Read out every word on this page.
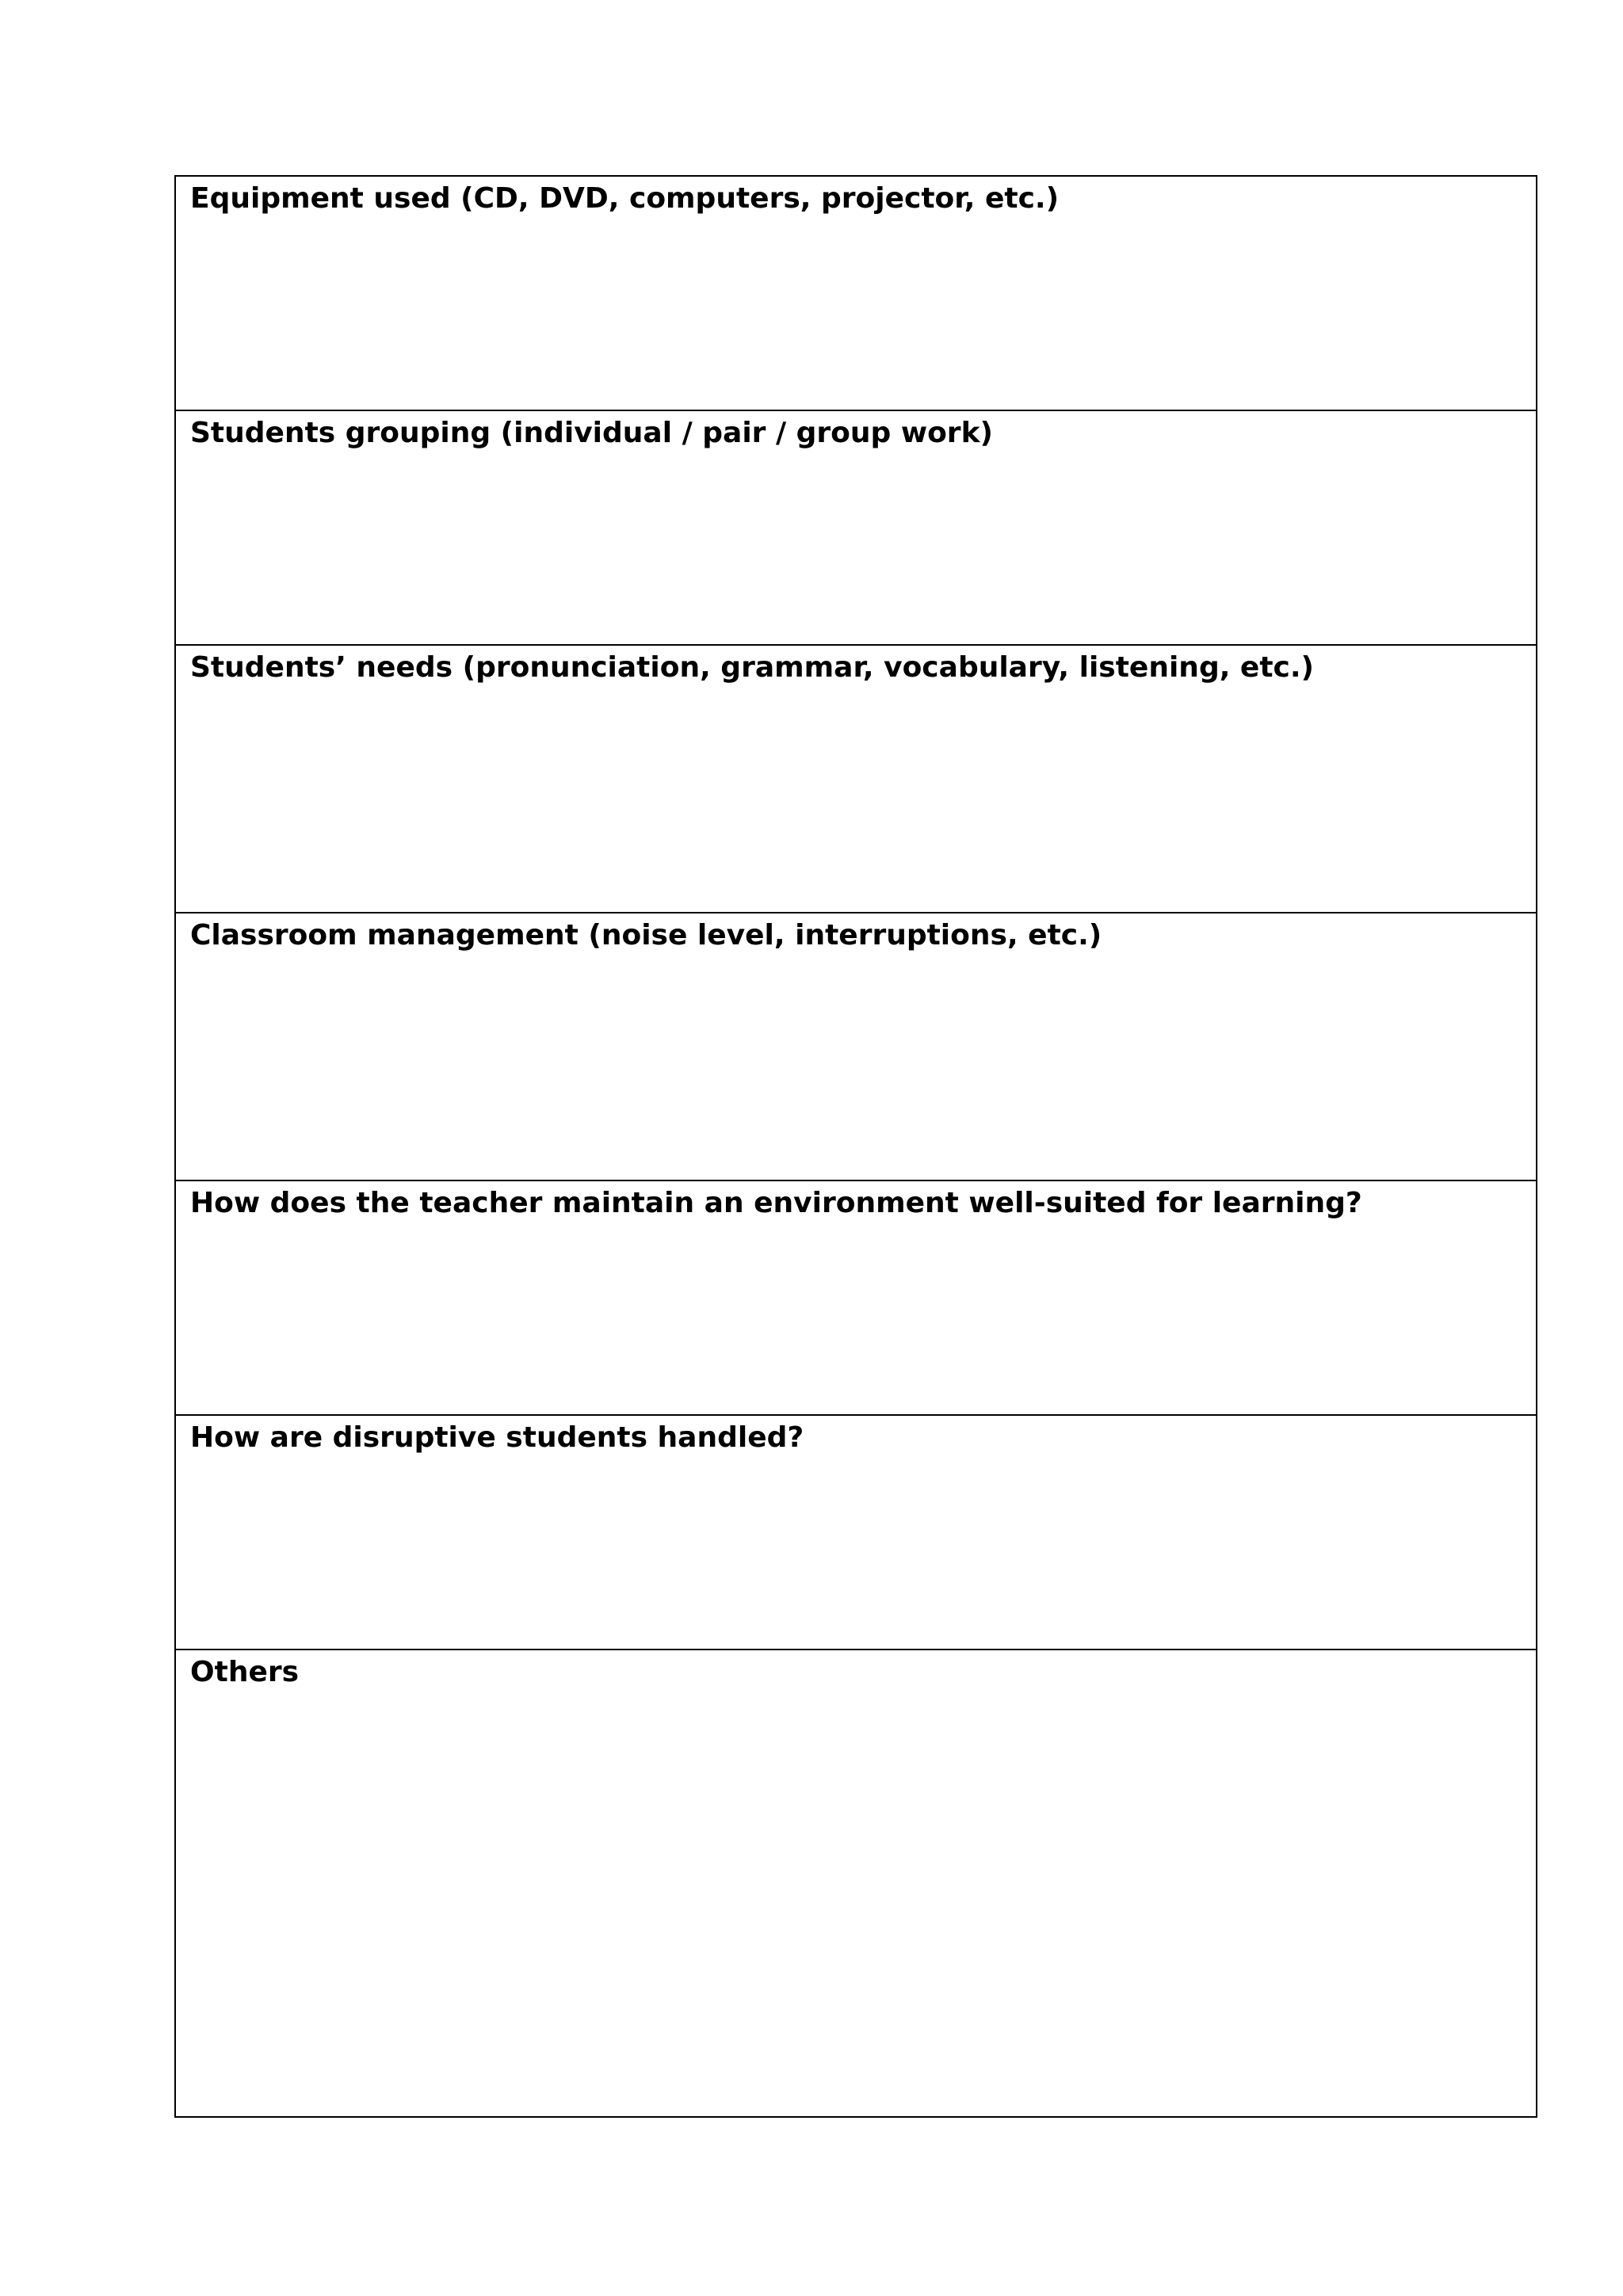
Equipment used (CD, DVD, computers, projector, etc.)

Students grouping (individual / pair / group work)

Students’ needs (pronunciation, grammar, vocabulary, listening, etc.)

Classroom management (noise level, interruptions, etc.)

How does the teacher maintain an environment well-suited for learning?

How are disruptive students handled?

Others
